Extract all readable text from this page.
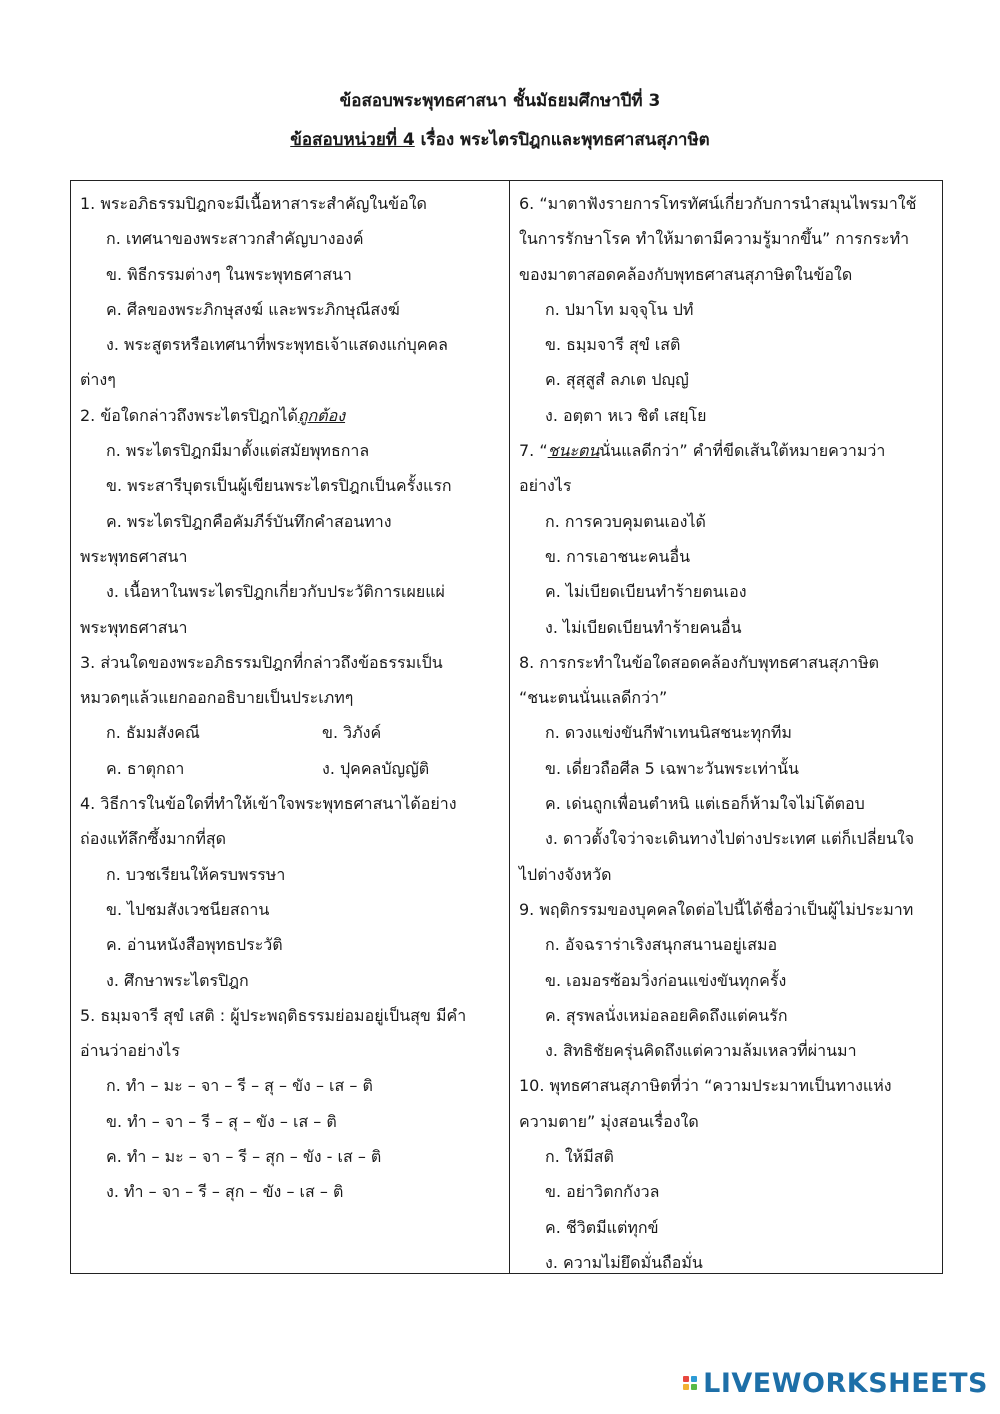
ข้อสอบพระพุทธศาสนา ชั้นมัธยมศึกษาปีที่ 3
ข้อสอบหน่วยที่ 4 เรื่อง พระไตรปิฎกและพุทธศาสนสุภาษิต
1. พระอภิธรรมปิฎกจะมีเนื้อหาสาระสำคัญในข้อใด
ก. เทศนาของพระสาวกสำคัญบางองค์
ข. พิธีกรรมต่างๆ ในพระพุทธศาสนา
ค. ศีลของพระภิกษุสงฆ์ และพระภิกษุณีสงฆ์
ง. พระสูตรหรือเทศนาที่พระพุทธเจ้าแสดงแก่บุคคล
ต่างๆ
2. ข้อใดกล่าวถึงพระไตรปิฎกได้ถูกต้อง
ก. พระไตรปิฎกมีมาตั้งแต่สมัยพุทธกาล
ข. พระสารีบุตรเป็นผู้เขียนพระไตรปิฎกเป็นครั้งแรก
ค. พระไตรปิฎกคือคัมภีร์บันทึกคำสอนทาง
พระพุทธศาสนา
ง. เนื้อหาในพระไตรปิฎกเกี่ยวกับประวัติการเผยแผ่
พระพุทธศาสนา
3. ส่วนใดของพระอภิธรรมปิฎกที่กล่าวถึงข้อธรรมเป็น
หมวดๆแล้วแยกออกอธิบายเป็นประเภทๆ
ก. ธัมมสังคณี	ข. วิภังค์
ค. ธาตุกถา	ง. ปุคคลบัญญัติ
4. วิธีการในข้อใดที่ทำให้เข้าใจพระพุทธศาสนาได้อย่าง
ถ่องแท้ลึกซึ้งมากที่สุด
ก. บวชเรียนให้ครบพรรษา
ข. ไปชมสังเวชนียสถาน
ค. อ่านหนังสือพุทธประวัติ
ง. ศึกษาพระไตรปิฎก
5. ธมฺมจารี สุขํ เสติ : ผู้ประพฤติธรรมย่อมอยู่เป็นสุข มีคำ
อ่านว่าอย่างไร
ก. ทำ – มะ – จา – รี – สุ – ขัง – เส – ติ
ข. ทำ – จา – รี – สุ – ขัง – เส – ติ
ค. ทำ – มะ – จา – รี – สุก – ขัง - เส – ติ
ง. ทำ – จา – รี – สุก – ขัง – เส – ติ
6. “มาตาฟังรายการโทรทัศน์เกี่ยวกับการนำสมุนไพรมาใช้
ในการรักษาโรค ทำให้มาตามีความรู้มากขึ้น” การกระทำ
ของมาตาสอดคล้องกับพุทธศาสนสุภาษิตในข้อใด
ก. ปมาโท มจฺจุโน ปทํ
ข. ธมฺมจารี สุขํ เสติ
ค. สุสฺสูสํ ลภเต ปญฺญํ
ง. อตฺตา หเว ชิตํ เสยฺโย
7. “ชนะตนนั่นแลดีกว่า” คำที่ขีดเส้นใต้หมายความว่า
อย่างไร
ก. การควบคุมตนเองได้
ข. การเอาชนะคนอื่น
ค. ไม่เบียดเบียนทำร้ายตนเอง
ง. ไม่เบียดเบียนทำร้ายคนอื่น
8. การกระทำในข้อใดสอดคล้องกับพุทธศาสนสุภาษิต
“ชนะตนนั่นแลดีกว่า”
ก. ดวงแข่งขันกีฬาเทนนิสชนะทุกทีม
ข. เดี่ยวถือศีล 5 เฉพาะวันพระเท่านั้น
ค. เด่นถูกเพื่อนตำหนิ แต่เธอก็ห้ามใจไม่โต้ตอบ
ง. ดาวตั้งใจว่าจะเดินทางไปต่างประเทศ แต่ก็เปลี่ยนใจ
ไปต่างจังหวัด
9. พฤติกรรมของบุคคลใดต่อไปนี้ได้ชื่อว่าเป็นผู้ไม่ประมาท
ก. อัจฉราร่าเริงสนุกสนานอยู่เสมอ
ข. เอมอรซ้อมวิ่งก่อนแข่งขันทุกครั้ง
ค. สุรพลนั่งเหม่อลอยคิดถึงแต่คนรัก
ง. สิทธิชัยครุ่นคิดถึงแต่ความล้มเหลวที่ผ่านมา
10. พุทธศาสนสุภาษิตที่ว่า “ความประมาทเป็นทางแห่ง
ความตาย” มุ่งสอนเรื่องใด
ก. ให้มีสติ
ข. อย่าวิตกกังวล
ค. ชีวิตมีแต่ทุกข์
ง. ความไม่ยึดมั่นถือมั่น
LIVEWORKSHEETS
